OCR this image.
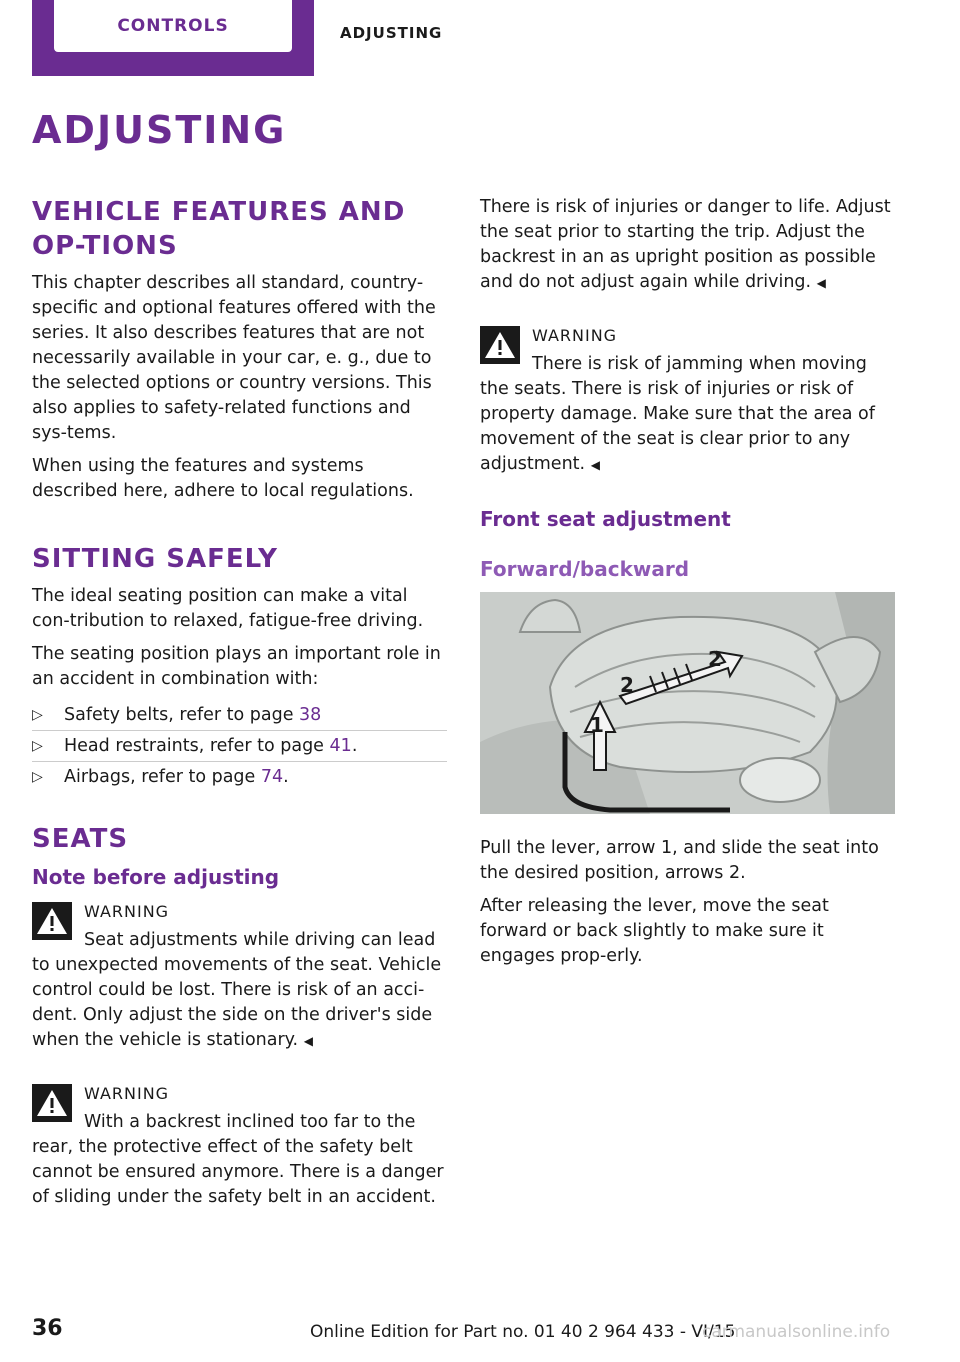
CONTROLS	ADJUSTING
ADJUSTING
VEHICLE FEATURES AND OP-TIONS

This chapter describes all standard, country-specific and optional features offered with the series. It also describes features that are not necessarily available in your car, e. g., due to the selected options or country versions. This also applies to safety-related functions and sys-tems.

When using the features and systems described here, adhere to local regulations.

SITTING SAFELY

The ideal seating position can make a vital con-tribution to relaxed, fatigue-free driving.

The seating position plays an important role in an accident in combination with:

▷ Safety belts, refer to page 38
▷ Head restraints, refer to page 41.
▷ Airbags, refer to page 74.
SEATS
Note before adjusting
WARNING

Seat adjustments while driving can lead to unexpected movements of the seat. Vehicle control could be lost. There is risk of an acci-dent. Only adjust the side on the driver's side when the vehicle is stationary. ◀

WARNING

With a backrest inclined too far to the rear, the protective effect of the safety belt cannot be ensured anymore. There is a danger of sliding under the safety belt in an accident.

There is risk of injuries or danger to life. Adjust the seat prior to starting the trip. Adjust the backrest in an as upright position as possible and do not adjust again while driving. ◀

WARNING

There is risk of jamming when moving the seats. There is risk of injuries or risk of property damage. Make sure that the area of movement of the seat is clear prior to any adjustment. ◀

Front seat adjustment
Forward/backward
1
2
2

Pull the lever, arrow 1, and slide the seat into the desired position, arrows 2.

After releasing the lever, move the seat forward or back slightly to make sure it engages prop-erly.

36	Online Edition for Part no. 01 40 2 964 433 - VI/15
carmanualsonline.info
